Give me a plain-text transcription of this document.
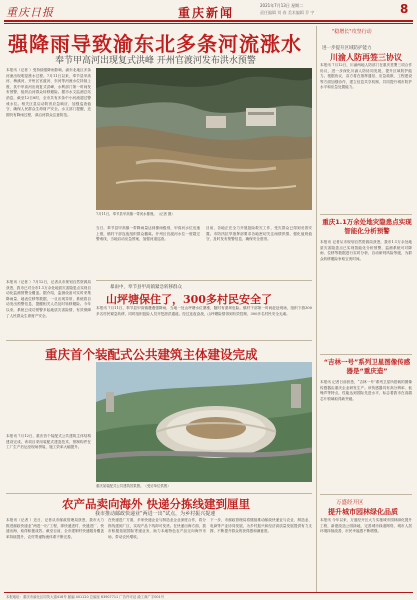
重庆日报	重庆新闻
2021年7月13日 星期二
责任编辑 刘 春 美术编辑 乔 宇	8
强降雨导致渝东北多条河流涨水
奉节甲高河出现复式洪峰 开州官渡河发布洪水预警
本报讯（记者 ）受持续强降雨影响，渝东北地区多条河流出现明显涨水过程。7月11日以来，奉节县甲高河、梅溪河，开州区官渡河、东河等河流水位持续上涨，其中甲高河出现复式洪峰，水利部门第一时间发布预警，组织沿河群众转移避险。据市水文监测总站消息，截至12日8时，全市共有多条中小河流超过警戒水位。相关区县启动防汛应急响应，加强巡查值守，确保人民群众生命财产安全。水文部门提醒，近期仍有降雨过程，请沿河群众注意防范。
7月11日，奉节县甲高镇一带河水暴涨。（记者 摄）
当日，奉节县甲高镇一带降雨量达到暴雨级别，甲高河水位迅速上涨，镇村干部连夜组织群众撤离。开州区官渡河水位一度超过警戒线，当地启动应急预案，加强河道巡查。
目前，各地正在全力开展抢险救灾工作，受灾群众已得到妥善安置。市防汛抗旱指挥部要求各地密切关注雨情汛情，强化值班值守，及时发布预警信息，确保安全度汛。
暴雨中，奉节县甲高镇紧急转移群众
山坪塘保住了，300多村民安全了
本报讯 7月11日，奉节县甲高镇遭遇强降雨，当地一处山坪塘水位暴涨，随时有溃坝危险。镇村干部第一时间赶赴现场，组织下游300多名村民紧急转移，同时组织抢险人员开挖泄洪通道。经过连夜奋战，山坪塘险情得到有效控制，300多名村民安全无虞。
本报讯（记者 ）7月12日，记者从市规划自然资源局获悉，我市已对全市1.1万余处地质灾害隐患点实现自动化监测预警全覆盖。据介绍，监测设备可实时采集降雨量、地表位移等数据，一旦出现异常，系统将自动发出预警信息，提醒相关人员及时转移避险。今年以来，系统已成功预警多起地质灾害险情，有效保障了人民群众生命财产安全。
重庆首个装配式公共建筑主体建设完成
本报讯 7月12日，重庆首个装配式公共建筑主体结构建设完成。该项目采用装配式建造技术，预制构件在工厂生产后运至现场拼装，施工效率大幅提升。
重庆某装配式公共建筑效果图。（受访单位供图）
农产品卖向海外 快递分拣线建到厘里
我市推动邮政快递业“两进一出”试点，为乡村振兴提速
本报讯（记者 ）近日，记者从市邮政管理局获悉，我市大力推进邮政快递业“两进一出”工程，即快递进村、快递进厂、快递出海，取得积极成效。截至目前，全市建制村快递服务覆盖率持续提升，农村寄递物流体系不断完善。
在快递进厂方面，多家快递企业与制造业企业深度合作，将分拣线建到厂区，实现产品下线即可发货。在快递出海方面，我市积极拓展国际寄递业务，助力本地特色农产品走向海外市场，带动农民增收。
下一步，市邮政管理局将继续推动邮政快递业与农业、制造业、电商等产业协同发展，为乡村振兴和经济高质量发展提供有力支撑，不断提升群众的获得感和满意度。
"稳增长"攻坚行动
进一步提升区域防护能力
川渝人防再签三协议
本报讯 7月12日，川渝两地人防部门在重庆签署三项合作协议，进一步深化川渝人防协同发展，提升区域防护能力。根据协议，双方将在指挥通信、应急疏散、工程建设等方面加强协作，建立信息共享机制，共同提升城市防护水平和应急处置能力。
重庆1.1万余处地灾隐患点实现智能化分析预警
本报讯 记者从市规划自然资源局获悉，我市1.1万余处地质灾害隐患点已实现智能化分析预警，监测系统可对降雨、位移等数据进行实时分析，自动研判风险等级，为群众转移避险争取宝贵时间。
“吉林一号”系列卫星图像传感器是“重庆造”
本报讯 记者日前获悉，“吉林一号”系列卫星所搭载的图像传感器由重庆企业研发生产。该传感器具有高分辨率、低噪声等特点，性能达到国际先进水平，标志着我市在高端芯片领域取得新突破。
万盛经开区
提升城市园林绿化品质
本报讯 今年以来，万盛经开区大力实施城市园林绿化提升工程，新建改造公园绿地，完善城市绿道网络，城市人居环境持续改善，市民幸福感不断增强。
本报地址：重庆市渝北区同茂大道416号 邮编 401120 总编室 63907711 广告许可证 渝工商广字001号
